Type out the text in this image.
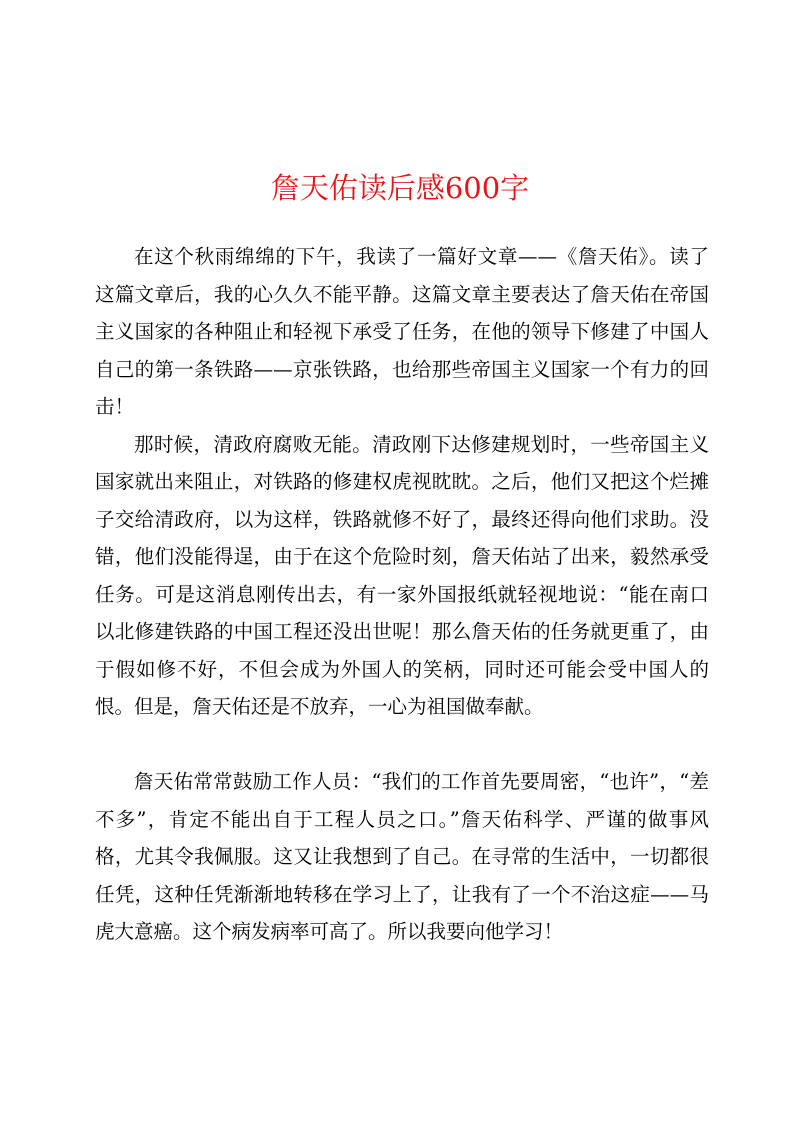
詹天佑读后感600字

在这个秋雨绵绵的下午，我读了一篇好文章——《詹天佑》。读了这篇文章后，我的心久久不能平静。这篇文章主要表达了詹天佑在帝国主义国家的各种阻止和轻视下承受了任务，在他的领导下修建了中国人自己的第一条铁路——京张铁路，也给那些帝国主义国家一个有力的回击！

那时候，清政府腐败无能。清政刚下达修建规划时，一些帝国主义国家就出来阻止，对铁路的修建权虎视眈眈。之后，他们又把这个烂摊子交给清政府，以为这样，铁路就修不好了，最终还得向他们求助。没错，他们没能得逞，由于在这个危险时刻，詹天佑站了出来，毅然承受任务。可是这消息刚传出去，有一家外国报纸就轻视地说：“能在南口以北修建铁路的中国工程还没出世呢！那么詹天佑的任务就更重了，由于假如修不好，不但会成为外国人的笑柄，同时还可能会受中国人的恨。但是，詹天佑还是不放弃，一心为祖国做奉献。

詹天佑常常鼓励工作人员：“我们的工作首先要周密，“也许”，“差不多”，肯定不能出自于工程人员之口。”詹天佑科学、严谨的做事风格，尤其令我佩服。这又让我想到了自己。在寻常的生活中，一切都很任凭，这种任凭渐渐地转移在学习上了，让我有了一个不治这症——马虎大意癌。这个病发病率可高了。所以我要向他学习！
